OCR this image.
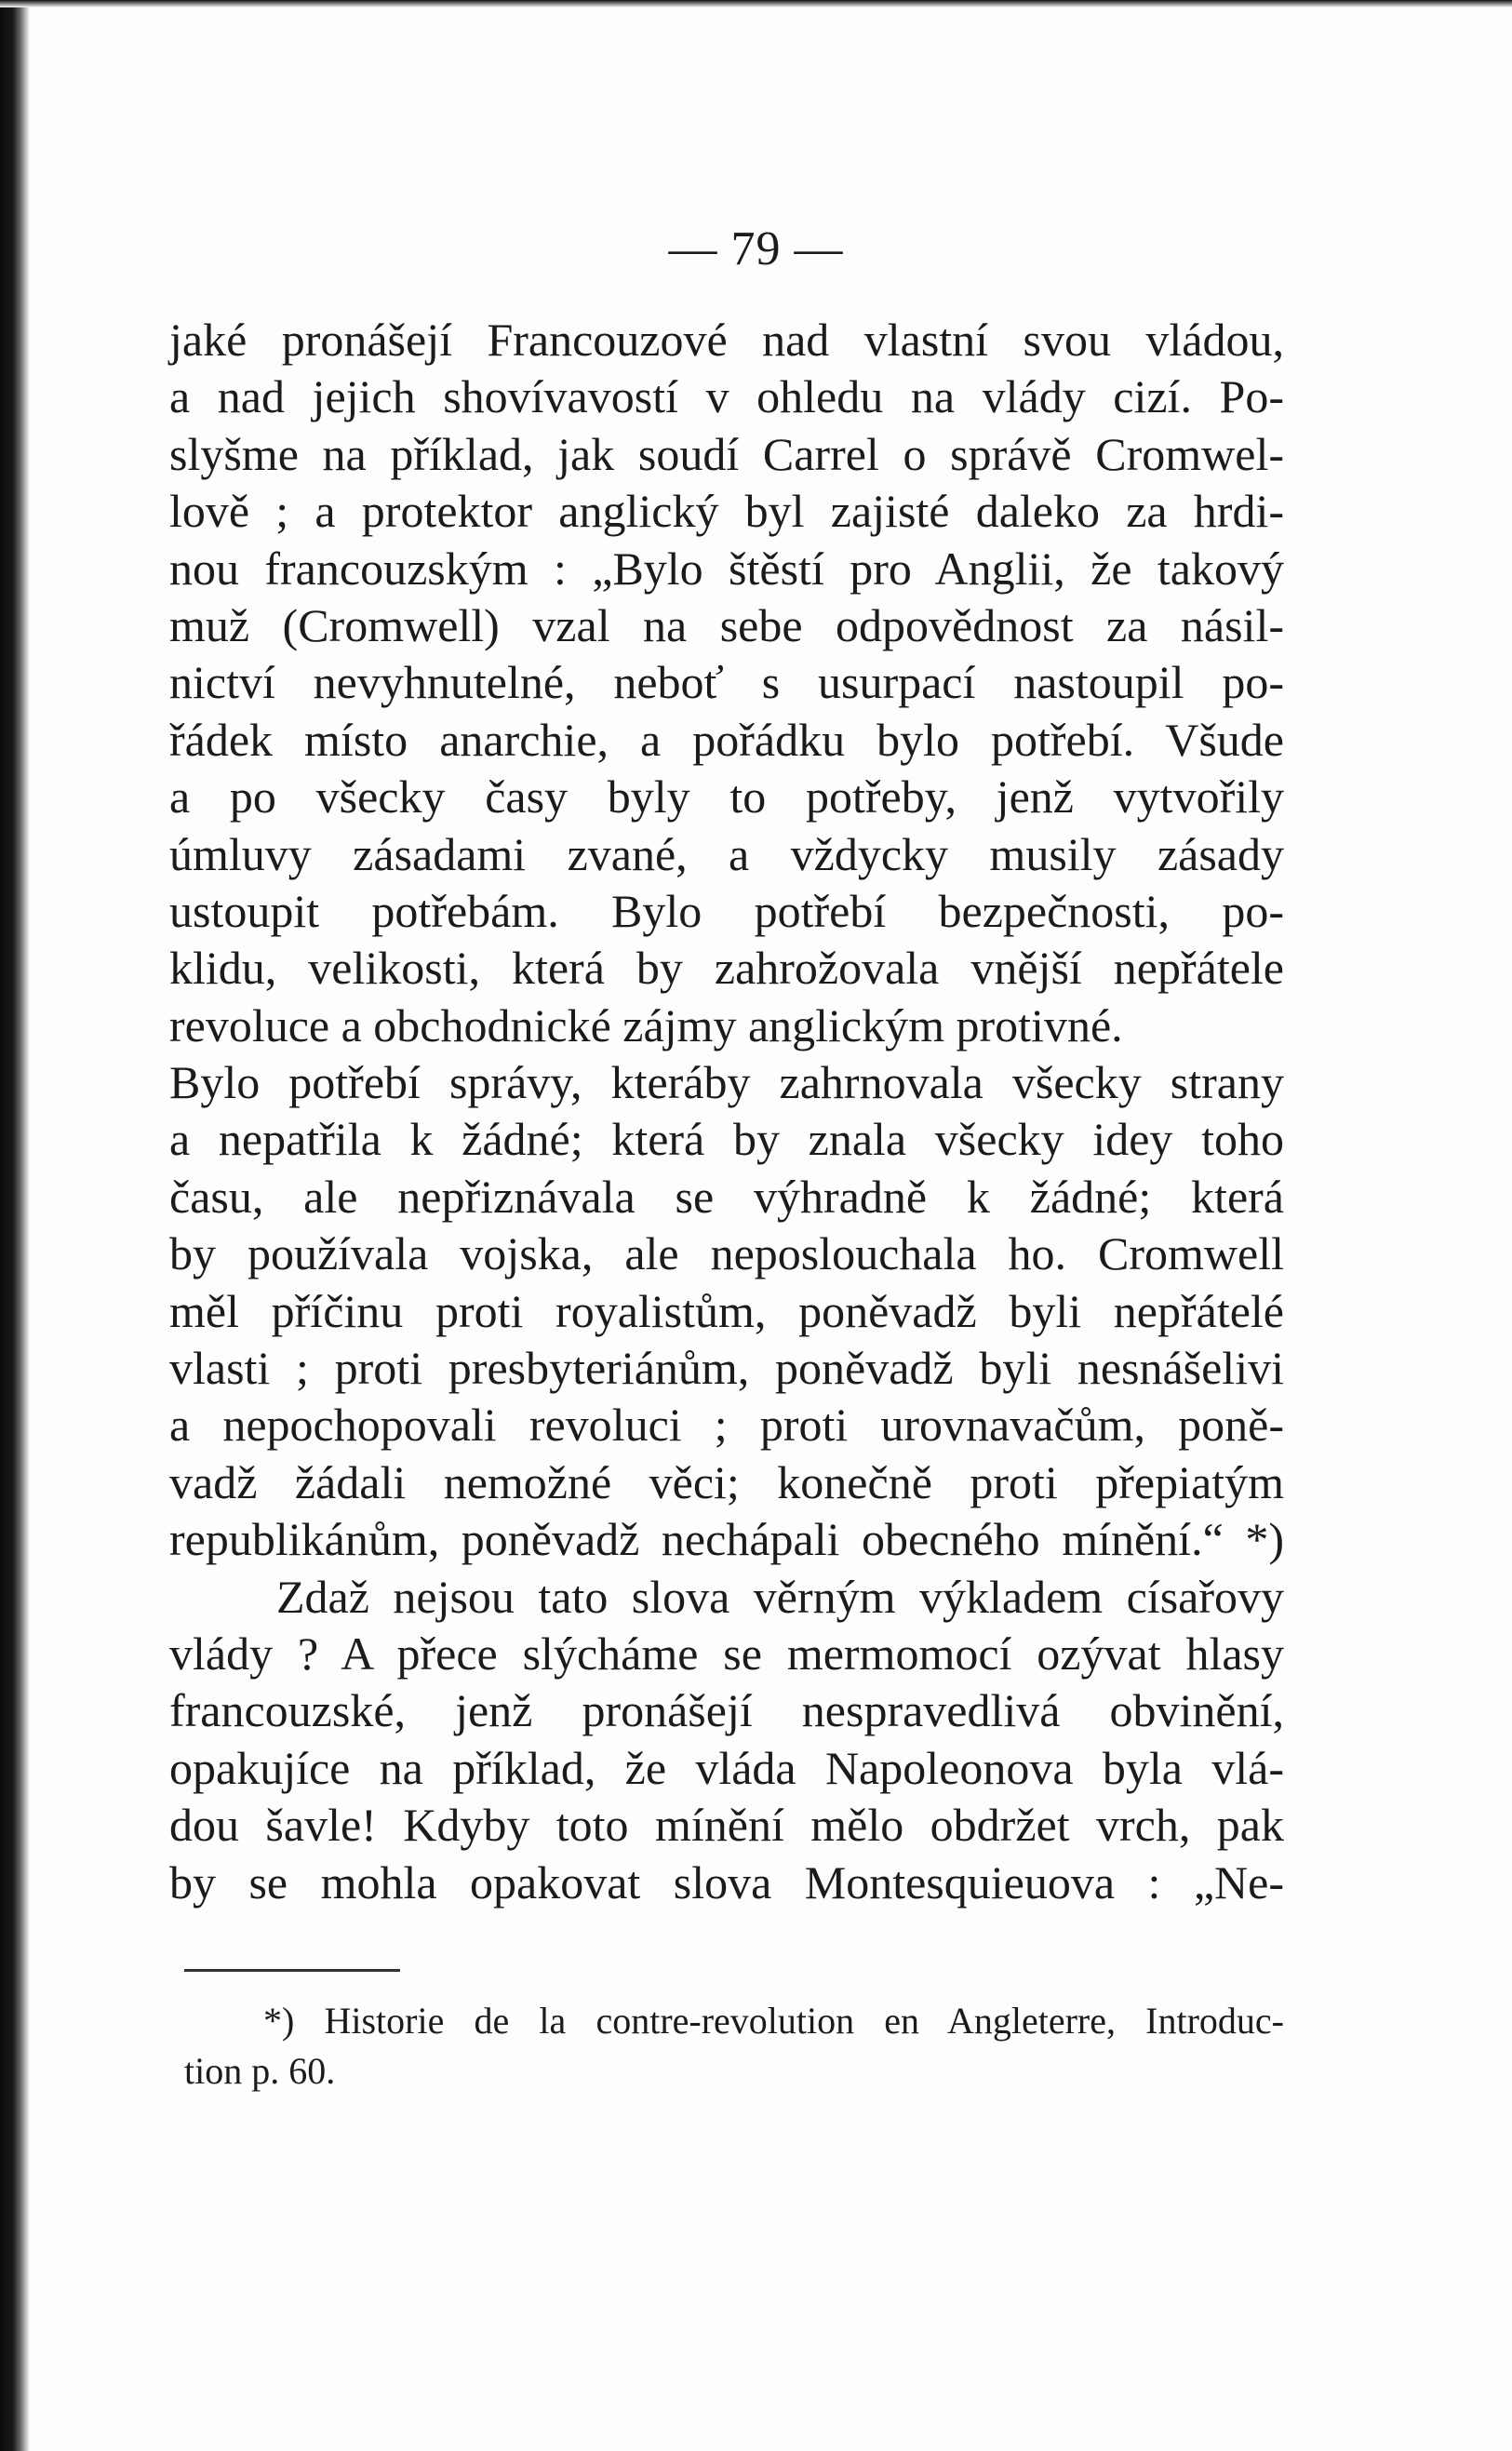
— 79 —
jaké pronášejí Francouzové nad vlastní svou vládou,
a nad jejich shovívavostí v ohledu na vlády cizí. Po-
slyšme na příklad, jak soudí Carrel o správě Cromwel-
lově ; a protektor anglický byl zajisté daleko za hrdi-
nou francouzským : „Bylo štěstí pro Anglii, že takový
muž (Cromwell) vzal na sebe odpovědnost za násil-
nictví nevyhnutelné, neboť s usurpací nastoupil po-
řádek místo anarchie, a pořádku bylo potřebí. Všude
a po všecky časy byly to potřeby, jenž vytvořily
úmluvy zásadami zvané, a vždycky musily zásady
ustoupit potřebám. Bylo potřebí bezpečnosti, po-
klidu, velikosti, která by zahrožovala vnější nepřátele
revoluce a obchodnické zájmy anglickým protivné.
Bylo potřebí správy, kteráby zahrnovala všecky strany
a nepatřila k žádné; která by znala všecky idey toho
času, ale nepřiznávala se výhradně k žádné; která
by používala vojska, ale neposlouchala ho. Cromwell
měl příčinu proti royalistům, poněvadž byli nepřátelé
vlasti ; proti presbyteriánům, poněvadž byli nesnášelivi
a nepochopovali revoluci ; proti urovnavačům, poně-
vadž žádali nemožné věci; konečně proti přepiatým
republikánům, poněvadž nechápali obecného mínění.“ *)
Zdaž nejsou tato slova věrným výkladem císařovy
vlády ? A přece slýcháme se mermomocí ozývat hlasy
francouzské, jenž pronášejí nespravedlivá obvinění,
opakujíce na příklad, že vláda Napoleonova byla vlá-
dou šavle! Kdyby toto mínění mělo obdržet vrch, pak
by se mohla opakovat slova Montesquieuova : „Ne-
*) Historie de la contre-revolution en Angleterre, Introduc-
tion p. 60.
